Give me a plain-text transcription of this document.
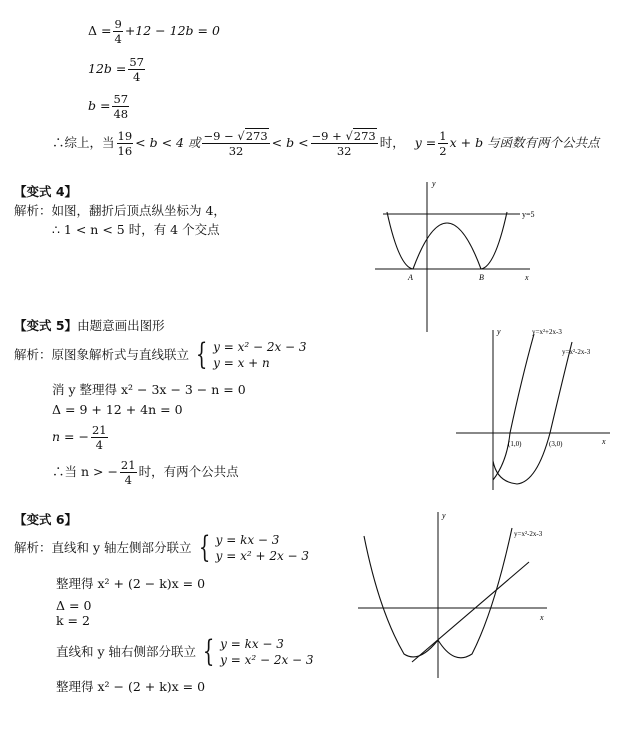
$\Delta = \frac{9}{4} +12 - 12b = 0$
$12b = \frac{57}{4}$
$b = \frac{57}{48}$
∴综上，当 $\frac{19}{16} < b < 4$ 或 $\frac{-9 - √273}{32} < b < \frac{-9 + √273}{32}$ 时， $y = \frac{1}{2}$ x + b 与函数有两个公共点
【变式 4】
解析：如图，翻折后顶点纵坐标为 4，
∴ 1 < n < 5 时，有 4 个交点
y
x
y=5
A	B
【变式 5】 由题意画出图形
解析：原图象解析式与直线联立 { y = x² − 2x − 3
y = x + n
消 y 整理得 x² − 3x − 3 − n = 0
Δ = 9 + 12 + 4n = 0
n = − $\frac{21}{4}$
∴当 n > − $\frac{21}{4}$ 时，有两个公共点
y
x
y=x²+2x-3
y=x²-2x-3
(1,0)	(3,0)
【变式 6】
解析：直线和 y 轴左侧部分联立 { y = kx − 3
y = x² + 2x − 3
整理得 x² + (2 − k)x = 0
Δ = 0
k = 2
直线和 y 轴右侧部分联立 { y = kx − 3
y = x² − 2x − 3
整理得 x² − (2 + k)x = 0
y
x
y=x²-2x-3
